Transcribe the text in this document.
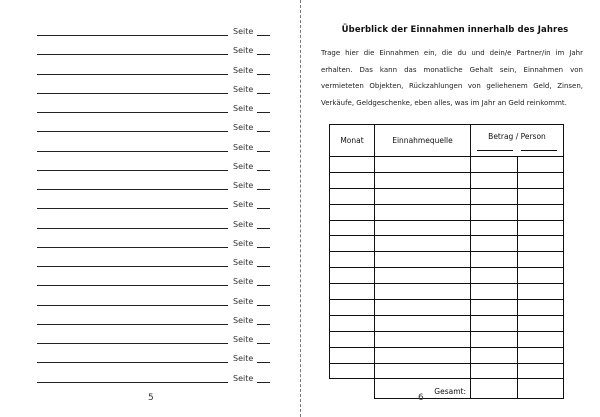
Seite
Seite
Seite
Seite
Seite
Seite
Seite
Seite
Seite
Seite
Seite
Seite
Seite
Seite
Seite
Seite
Seite
Seite
Seite
5
Überblick der Einnahmen innerhalb des Jahres
Trage hier die Einnahmen ein, die du und dein/e Partner/in im Jahr erhalten. Das kann das monatliche Gehalt sein, Einnahmen von vermieteten Objekten, Rückzahlungen von geliehenem Geld, Zinsen, Verkäufe, Geldgeschenke, eben alles, was im Jahr an Geld reinkommt.
Monat	Einnahmequelle	Betrag / Person	

	Gesamt:		
6
